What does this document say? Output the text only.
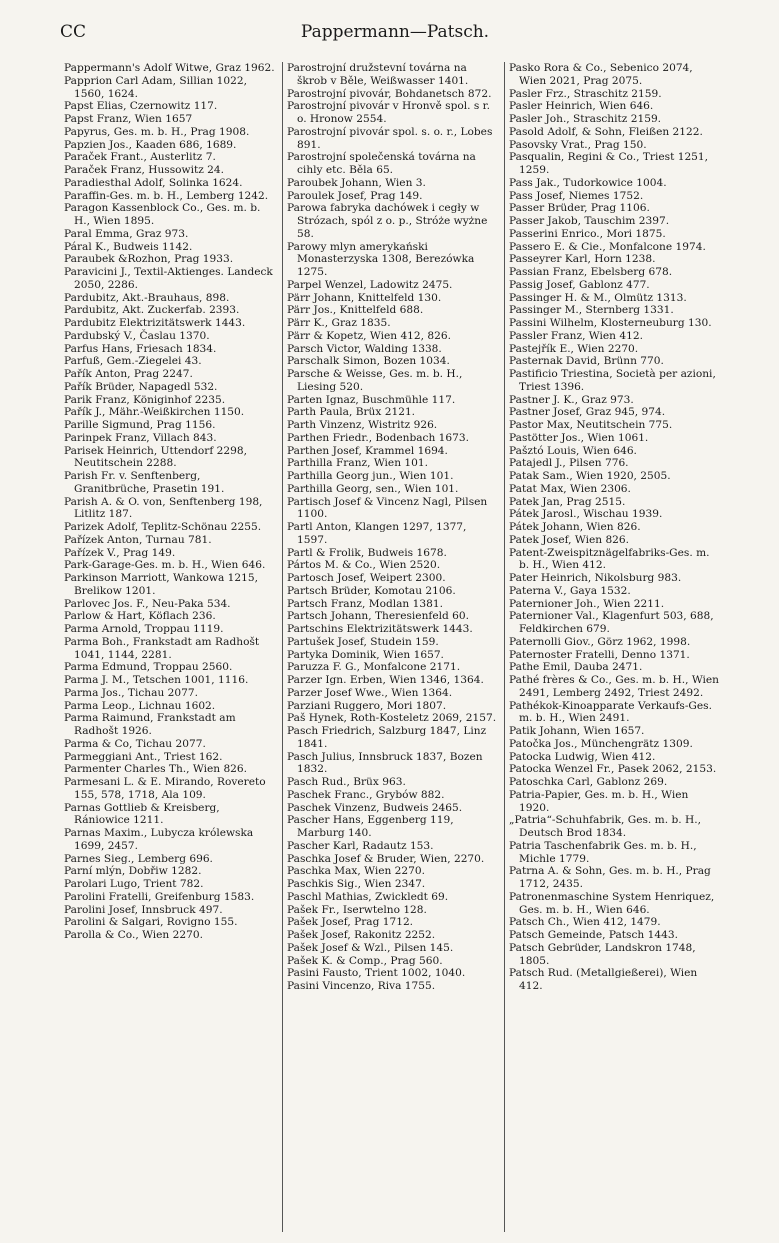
CC	Pappermann—Patsch.
Pappermann's Adolf Witwe, Graz 1962.
Papprion Carl Adam, Sillian 1022, 1560, 1624.
Papst Elias, Czernowitz 117.
Papst Franz, Wien 1657
Papyrus, Ges. m. b. H., Prag 1908.
Papzien Jos., Kaaden 686, 1689.
Paraček Frant., Austerlitz 7.
Paraček Franz, Hussowitz 24.
Paradiesthal Adolf, Solinka 1624.
Paraffin-Ges. m. b. H., Lemberg 1242.
Paragon Kassenblock Co., Ges. m. b. H., Wien 1895.
Paral Emma, Graz 973.
Páral K., Budweis 1142.
Paraubek &Rozhon, Prag 1933.
Paravicini J., Textil-Aktienges. Landeck 2050, 2286.
Pardubitz, Akt.-Brauhaus, 898.
Pardubitz, Akt. Zuckerfab. 2393.
Pardubitz Elektrizitätswerk 1443.
Pardubský V., Časlau 1370.
Parfus Hans, Friesach 1834.
Parfuß, Gem.-Ziegelei 43.
Pařík Anton, Prag 2247.
Pařík Brüder, Napagedl 532.
Parik Franz, Königinhof 2235.
Pařík J., Mähr.-Weißkirchen 1150.
Parille Sigmund, Prag 1156.
Parinpek Franz, Villach 843.
Parisek Heinrich, Uttendorf 2298, Neutitschein 2288.
Parish Fr. v. Senftenberg, Granitbrüche, Prasetin 191.
Parish A. & O. von, Senftenberg 198, Litlitz 187.
Parizek Adolf, Teplitz-Schönau 2255.
Pařízek Anton, Turnau 781.
Pařízek V., Prag 149.
Park-Garage-Ges. m. b. H., Wien 646.
Parkinson Marriott, Wankowa 1215, Brelikow 1201.
Parlovec Jos. F., Neu-Paka 534.
Parlow & Hart, Köflach 236.
Parma Arnold, Troppau 1119.
Parma Boh., Frankstadt am Radhošt 1041, 1144, 2281.
Parma Edmund, Troppau 2560.
Parma J. M., Tetschen 1001, 1116.
Parma Jos., Tichau 2077.
Parma Leop., Lichnau 1602.
Parma Raimund, Frankstadt am Radhošt 1926.
Parma & Co, Tichau 2077.
Parmeggiani Ant., Triest 162.
Parmenter Charles Th., Wien 826.
Parmesani L. & E. Mirando, Rovereto 155, 578, 1718, Ala 109.
Parnas Gottlieb & Kreisberg, Rániowice 1211.
Parnas Maxim., Lubycza królewska 1699, 2457.
Parnes Sieg., Lemberg 696.
Parní mlýn, Dobřiw 1282.
Parolari Lugo, Trient 782.
Parolini Fratelli, Greifenburg 1583.
Parolini Josef, Innsbruck 497.
Parolini & Salgari, Rovigno 155.
Parolla & Co., Wien 2270.
Parostrojní družstevní továrna na škrob v Běle, Weißwasser 1401.
Parostrojní pivovár, Bohdanetsch 872.
Parostrojní pivovár v Hronvě spol. s r. o. Hronow 2554.
Parostrojní pivovár spol. s. o. r., Lobes 891.
Parostrojní společenská továrna na cihly etc. Běla 65.
Paroubek Johann, Wien 3.
Paroulek Josef, Prag 149.
Parowa fabryka dachówek i cegły w Strózach, spól z o. p., Stróże wyżne 58.
Parowy mlyn amerykański Monasterzyska 1308, Berezówka 1275.
Parpel Wenzel, Ladowitz 2475.
Pärr Johann, Knittelfeld 130.
Pärr Jos., Knittelfeld 688.
Pärr K., Graz 1835.
Pärr & Kopetz, Wien 412, 826.
Parsch Victor, Walding 1338.
Parschalk Simon, Bozen 1034.
Parsche & Weisse, Ges. m. b. H., Liesing 520.
Parten Ignaz, Buschmühle 117.
Parth Paula, Brüx 2121.
Parth Vinzenz, Wistritz 926.
Parthen Friedr., Bodenbach 1673.
Parthen Josef, Krammel 1694.
Parthilla Franz, Wien 101.
Parthilla Georg jun., Wien 101.
Parthilla Georg, sen., Wien 101.
Partisch Josef & Vincenz Nagl, Pilsen 1100.
Partl Anton, Klangen 1297, 1377, 1597.
Partl & Frolik, Budweis 1678.
Pártos M. & Co., Wien 2520.
Partosch Josef, Weipert 2300.
Partsch Brüder, Komotau 2106.
Partsch Franz, Modlan 1381.
Partsch Johann, Theresienfeld 60.
Partschins Elektrizitätswerk 1443.
Partušek Josef, Studein 159.
Partyka Dominik, Wien 1657.
Paruzza F. G., Monfalcone 2171.
Parzer Ign. Erben, Wien 1346, 1364.
Parzer Josef Wwe., Wien 1364.
Parziani Ruggero, Mori 1807.
Paš Hynek, Roth-Kosteletz 2069, 2157.
Pasch Friedrich, Salzburg 1847, Linz 1841.
Pasch Julius, Innsbruck 1837, Bozen 1832.
Pasch Rud., Brüx 963.
Paschek Franc., Grybów 882.
Paschek Vinzenz, Budweis 2465.
Pascher Hans, Eggenberg 119, Marburg 140.
Pascher Karl, Radautz 153.
Paschka Josef & Bruder, Wien, 2270.
Paschka Max, Wien 2270.
Paschkis Sig., Wien 2347.
Paschl Mathias, Zwickledt 69.
Pašek Fr., Iserwtelno 128.
Pašek Josef, Prag 1712.
Pašek Josef, Rakonitz 2252.
Pašek Josef & Wzl., Pilsen 145.
Pašek K. & Comp., Prag 560.
Pasini Fausto, Trient 1002, 1040.
Pasini Vincenzo, Riva 1755.
Pasko Rora & Co., Sebenico 2074, Wien 2021, Prag 2075.
Pasler Frz., Straschitz 2159.
Pasler Heinrich, Wien 646.
Pasler Joh., Straschitz 2159.
Pasold Adolf, & Sohn, Fleißen 2122.
Pasovsky Vrat., Prag 150.
Pasqualin, Regini & Co., Triest 1251, 1259.
Pass Jak., Tudorkowice 1004.
Pass Josef, Niemes 1752.
Passer Brüder, Prag 1106.
Passer Jakob, Tauschim 2397.
Passerini Enrico., Mori 1875.
Passero E. & Cie., Monfalcone 1974.
Passeyrer Karl, Horn 1238.
Passian Franz, Ebelsberg 678.
Passig Josef, Gablonz 477.
Passinger H. & M., Olmütz 1313.
Passinger M., Sternberg 1331.
Passini Wilhelm, Klosterneuburg 130.
Passler Franz, Wien 412.
Pastejřík E., Wien 2270.
Pasternak David, Brünn 770.
Pastificio Triestina, Società per azioni, Triest 1396.
Pastner J. K., Graz 973.
Pastner Josef, Graz 945, 974.
Pastor Max, Neutitschein 775.
Pastötter Jos., Wien 1061.
Pašztó Louis, Wien 646.
Patajedl J., Pilsen 776.
Patak Sam., Wien 1920, 2505.
Patat Max, Wien 2306.
Patek Jan, Prag 2515.
Pátek Jarosl., Wischau 1939.
Pátek Johann, Wien 826.
Patek Josef, Wien 826.
Patent-Zweispitznägelfabriks-Ges. m. b. H., Wien 412.
Pater Heinrich, Nikolsburg 983.
Paterna V., Gaya 1532.
Paternioner Joh., Wien 2211.
Paternioner Val., Klagenfurt 503, 688, Feldkirchen 679.
Paternolli Giov., Görz 1962, 1998.
Paternoster Fratelli, Denno 1371.
Pathe Emil, Dauba 2471.
Pathé frères & Co., Ges. m. b. H., Wien 2491, Lemberg 2492, Triest 2492.
Pathékok-Kinoapparate Verkaufs-Ges. m. b. H., Wien 2491.
Patik Johann, Wien 1657.
Patočka Jos., Münchengrätz 1309.
Patocka Ludwig, Wien 412.
Patocka Wenzel Fr., Pasek 2062, 2153.
Patoschka Carl, Gablonz 269.
Patria-Papier, Ges. m. b. H., Wien 1920.
„Patria“-Schuhfabrik, Ges. m. b. H., Deutsch Brod 1834.
Patria Taschenfabrik Ges. m. b. H., Michle 1779.
Patrna A. & Sohn, Ges. m. b. H., Prag 1712, 2435.
Patronenmaschine System Henriquez, Ges. m. b. H., Wien 646.
Patsch Ch., Wien 412, 1479.
Patsch Gemeinde, Patsch 1443.
Patsch Gebrüder, Landskron 1748, 1805.
Patsch Rud. (Metallgießerei), Wien 412.
